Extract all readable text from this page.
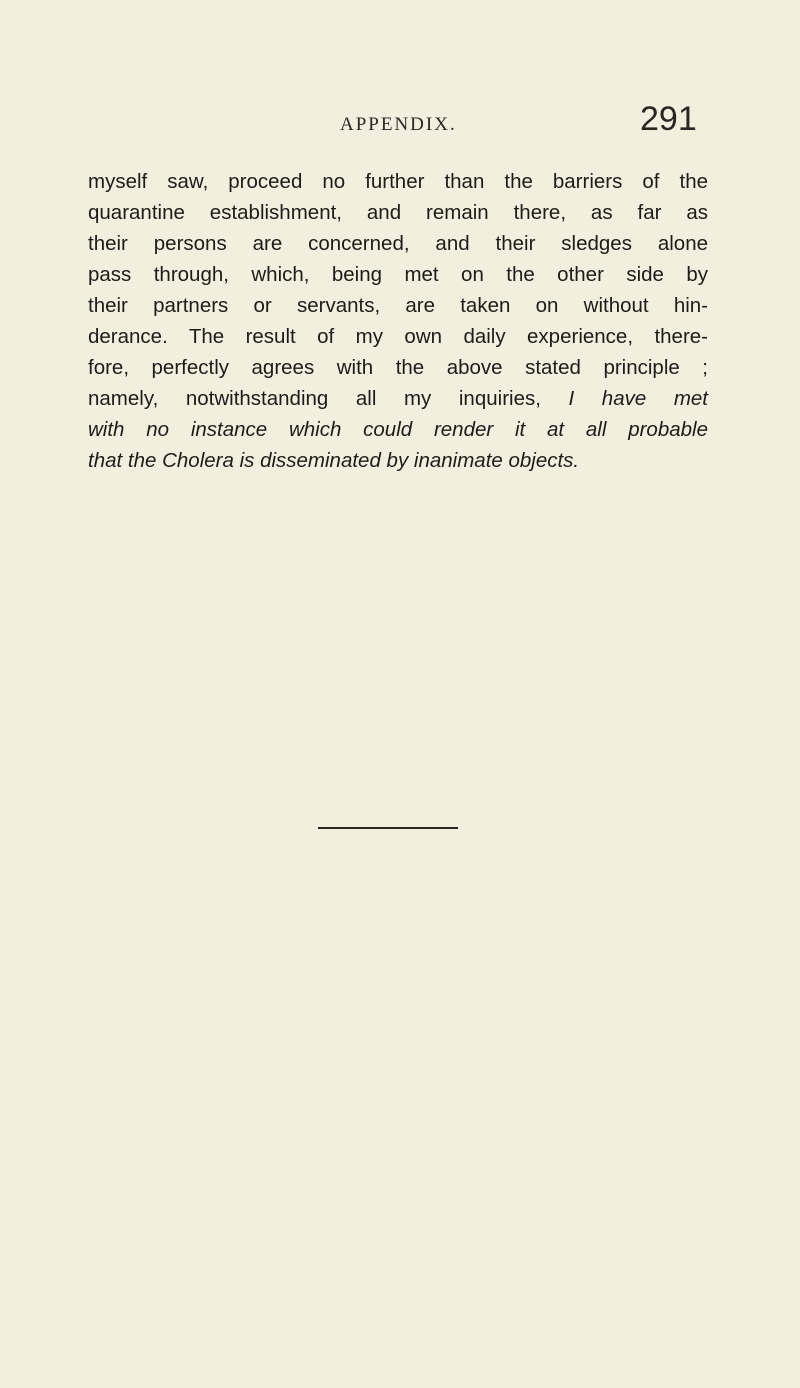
APPENDIX.	291
myself saw, proceed no further than the barriers of the
quarantine establishment, and remain there, as far as
their persons are concerned, and their sledges alone
pass through, which, being met on the other side by
their partners or servants, are taken on without hin-
derance. The result of my own daily experience, there-
fore, perfectly agrees with the above stated principle ;
namely, notwithstanding all my inquiries, I have met
with no instance which could render it at all probable
that the Cholera is disseminated by inanimate objects.
